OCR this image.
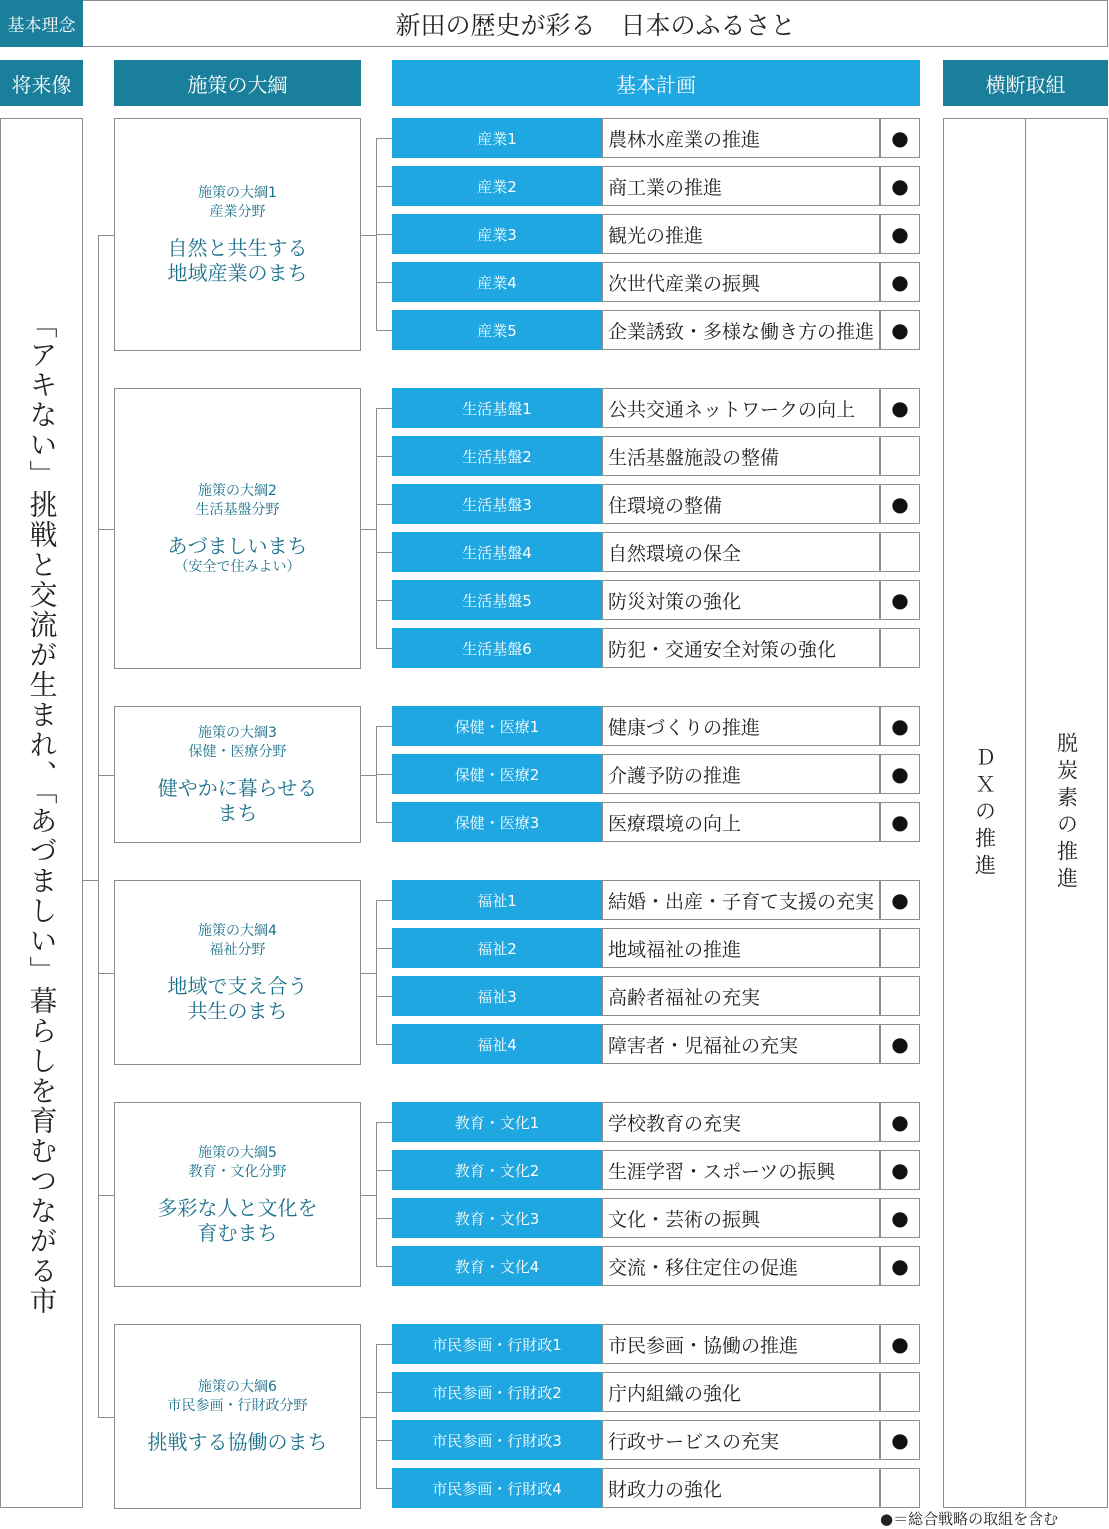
基本理念	新田の歴史が彩る　日本のふるさと
将来像	施策の大綱	基本計画	横断取組
「アキない」挑戦と交流が生まれ、「あづましい」暮らしを育むつながる市	ＤＸの推進	脱炭素の推進
施策の大綱1
産業分野
自然と共生する
地域産業のまち
産業1	農林水産業の推進	●
産業2	商工業の推進	●
産業3	観光の推進	●
産業4	次世代産業の振興	●
産業5	企業誘致・多様な働き方の推進 ●
施策の大綱2
生活基盤分野
あづましいまち
（安全で住みよい）
生活基盤1	公共交通ネットワークの向上	●
生活基盤2	生活基盤施設の整備
生活基盤3	住環境の整備	●
生活基盤4	自然環境の保全
生活基盤5	防災対策の強化	●
生活基盤6	防犯・交通安全対策の強化
施策の大綱3
保健・医療分野
健やかに暮らせる
まち
保健・医療1	健康づくりの推進	●
保健・医療2	介護予防の推進	●
保健・医療3	医療環境の向上	●
施策の大綱4
福祉分野
地域で支え合う
共生のまち
福祉1	結婚・出産・子育て支援の充実 ●
福祉2	地域福祉の推進
福祉3	高齢者福祉の充実
福祉4	障害者・児福祉の充実	●
施策の大綱5
教育・文化分野
多彩な人と文化を
育むまち
教育・文化1	学校教育の充実	●
教育・文化2	生涯学習・スポーツの振興	●
教育・文化3	文化・芸術の振興	●
教育・文化4	交流・移住定住の促進	●
施策の大綱6
市民参画・行財政分野
挑戦する協働のまち
市民参画・行財政1	市民参画・協働の推進	●
市民参画・行財政2	庁内組織の強化
市民参画・行財政3	行政サービスの充実	●
市民参画・行財政4	財政力の強化
●＝総合戦略の取組を含む
